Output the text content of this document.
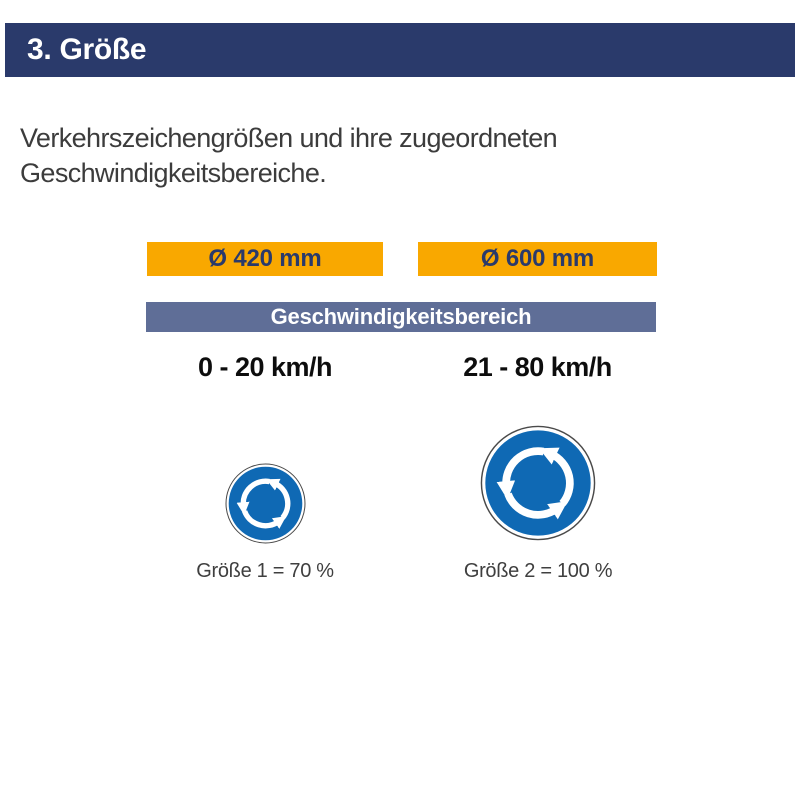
3. Größe
Verkehrszeichengrößen und ihre zugeordneten
Geschwindigkeitsbereiche.
Ø 420 mm	Ø 600 mm
Geschwindigkeitsbereich
0 - 20 km/h	21 - 80 km/h
Größe 1 = 70 %	Größe 2 = 100 %
